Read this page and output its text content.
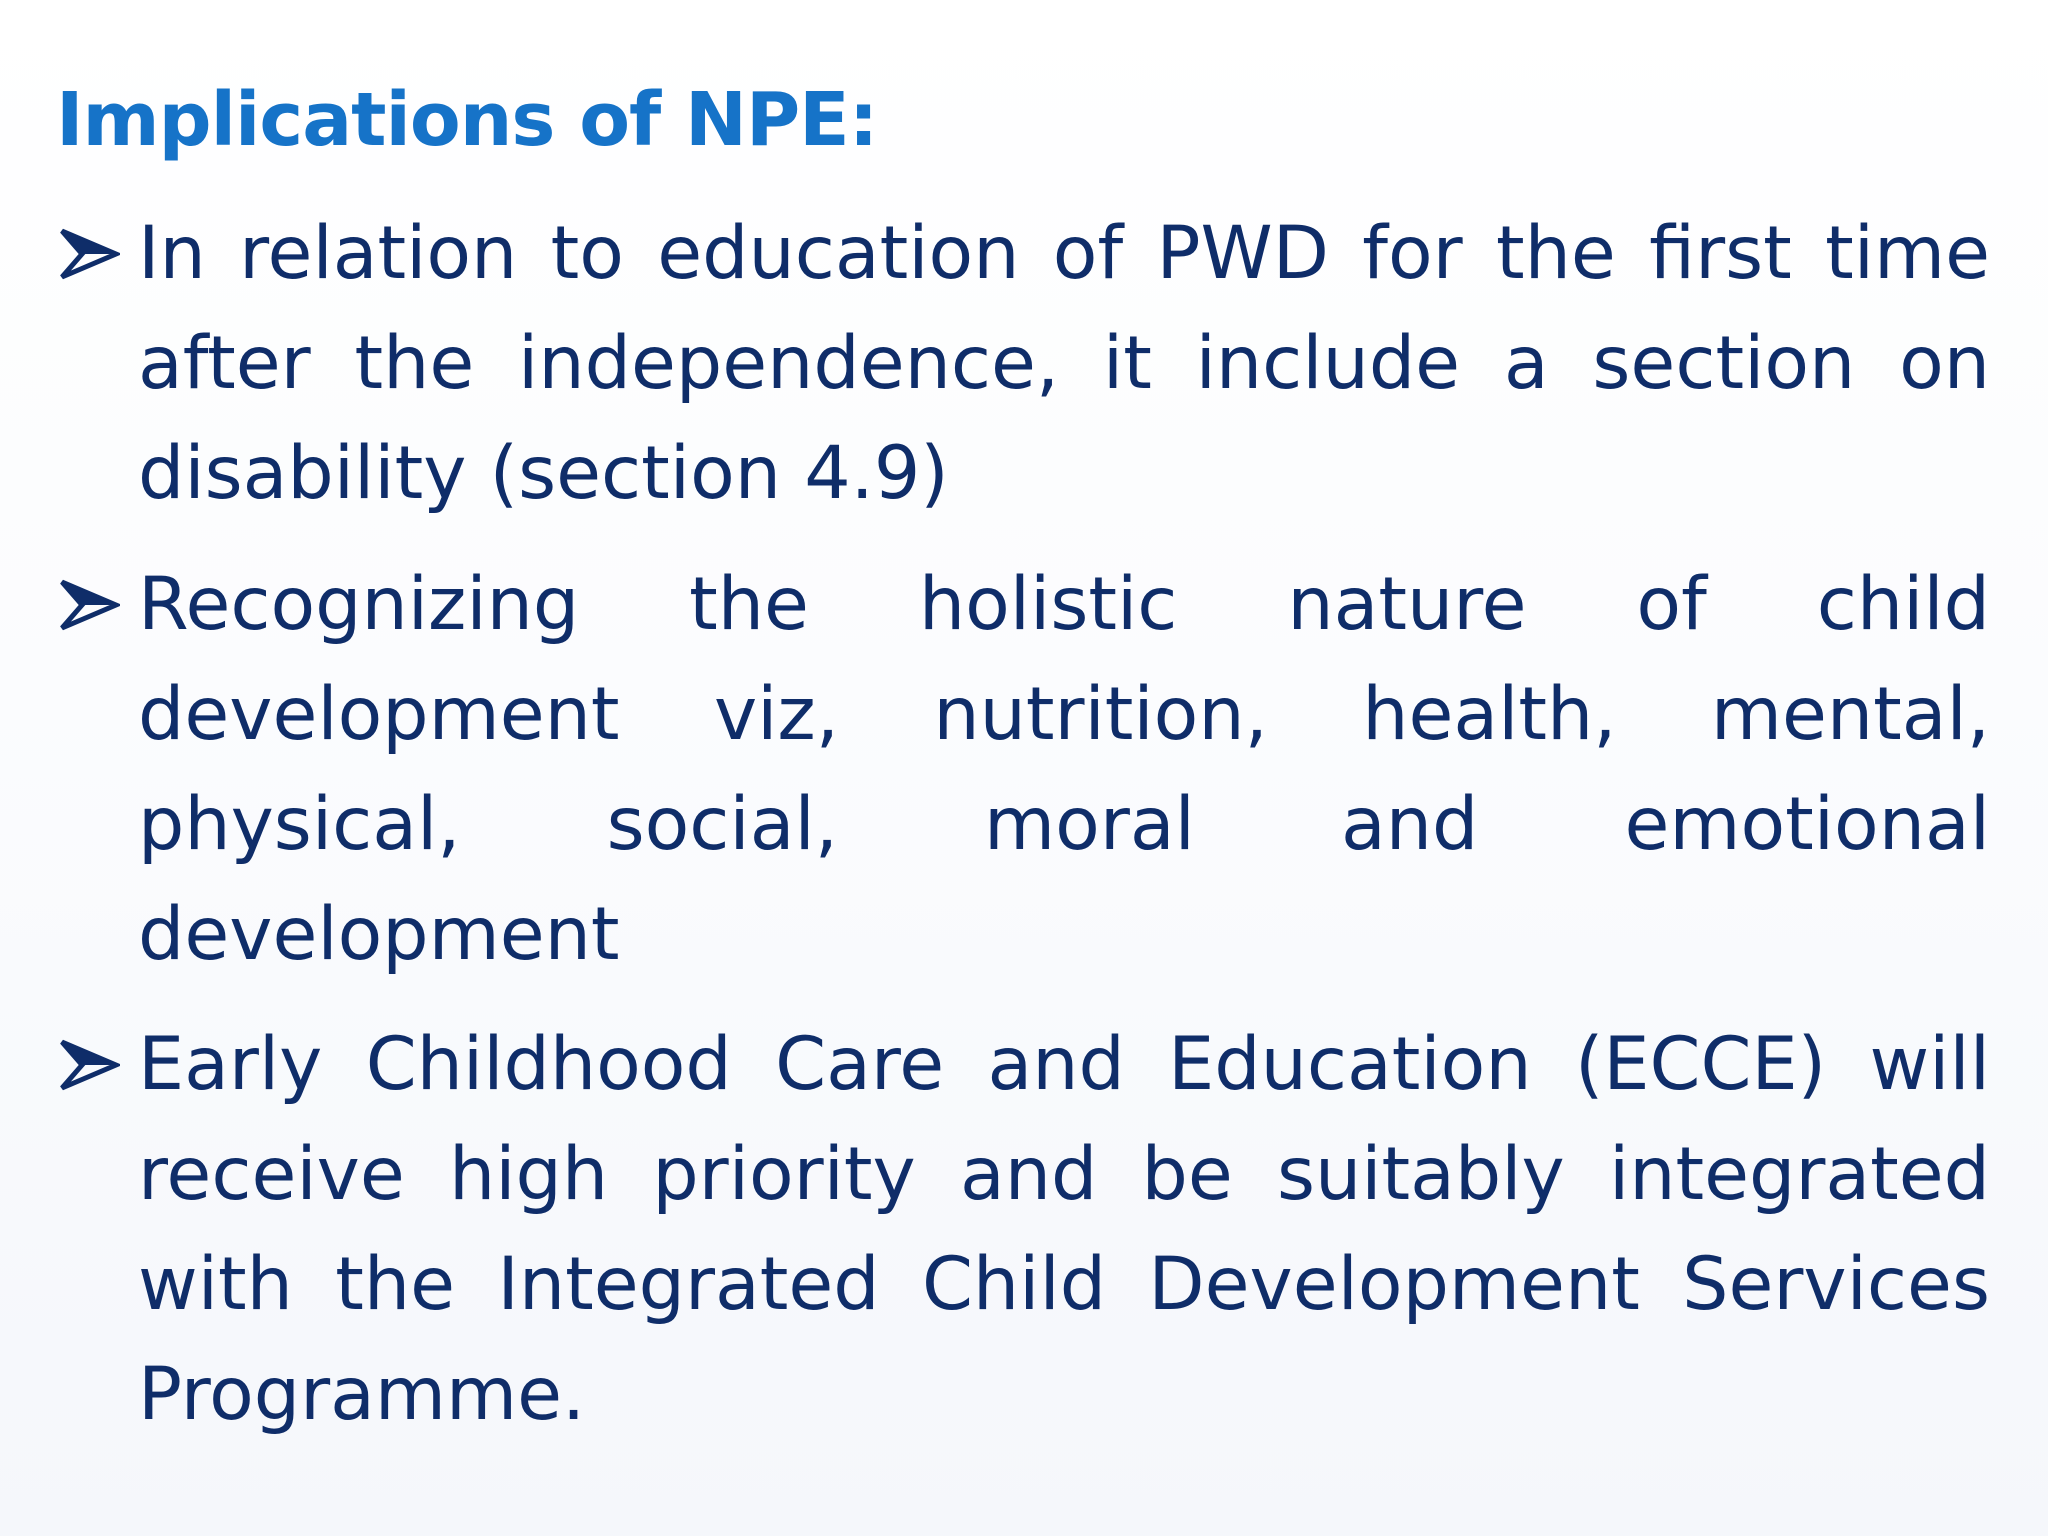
Implications of NPE:

In relation to education of PWD for the first time after the independence, it include a section on disability (section 4.9)

Recognizing the holistic nature of child development viz, nutrition, health, mental, physical, social, moral and emotional development

Early Childhood Care and Education (ECCE) will receive high priority and be suitably integrated with the Integrated Child Development Services Programme.
